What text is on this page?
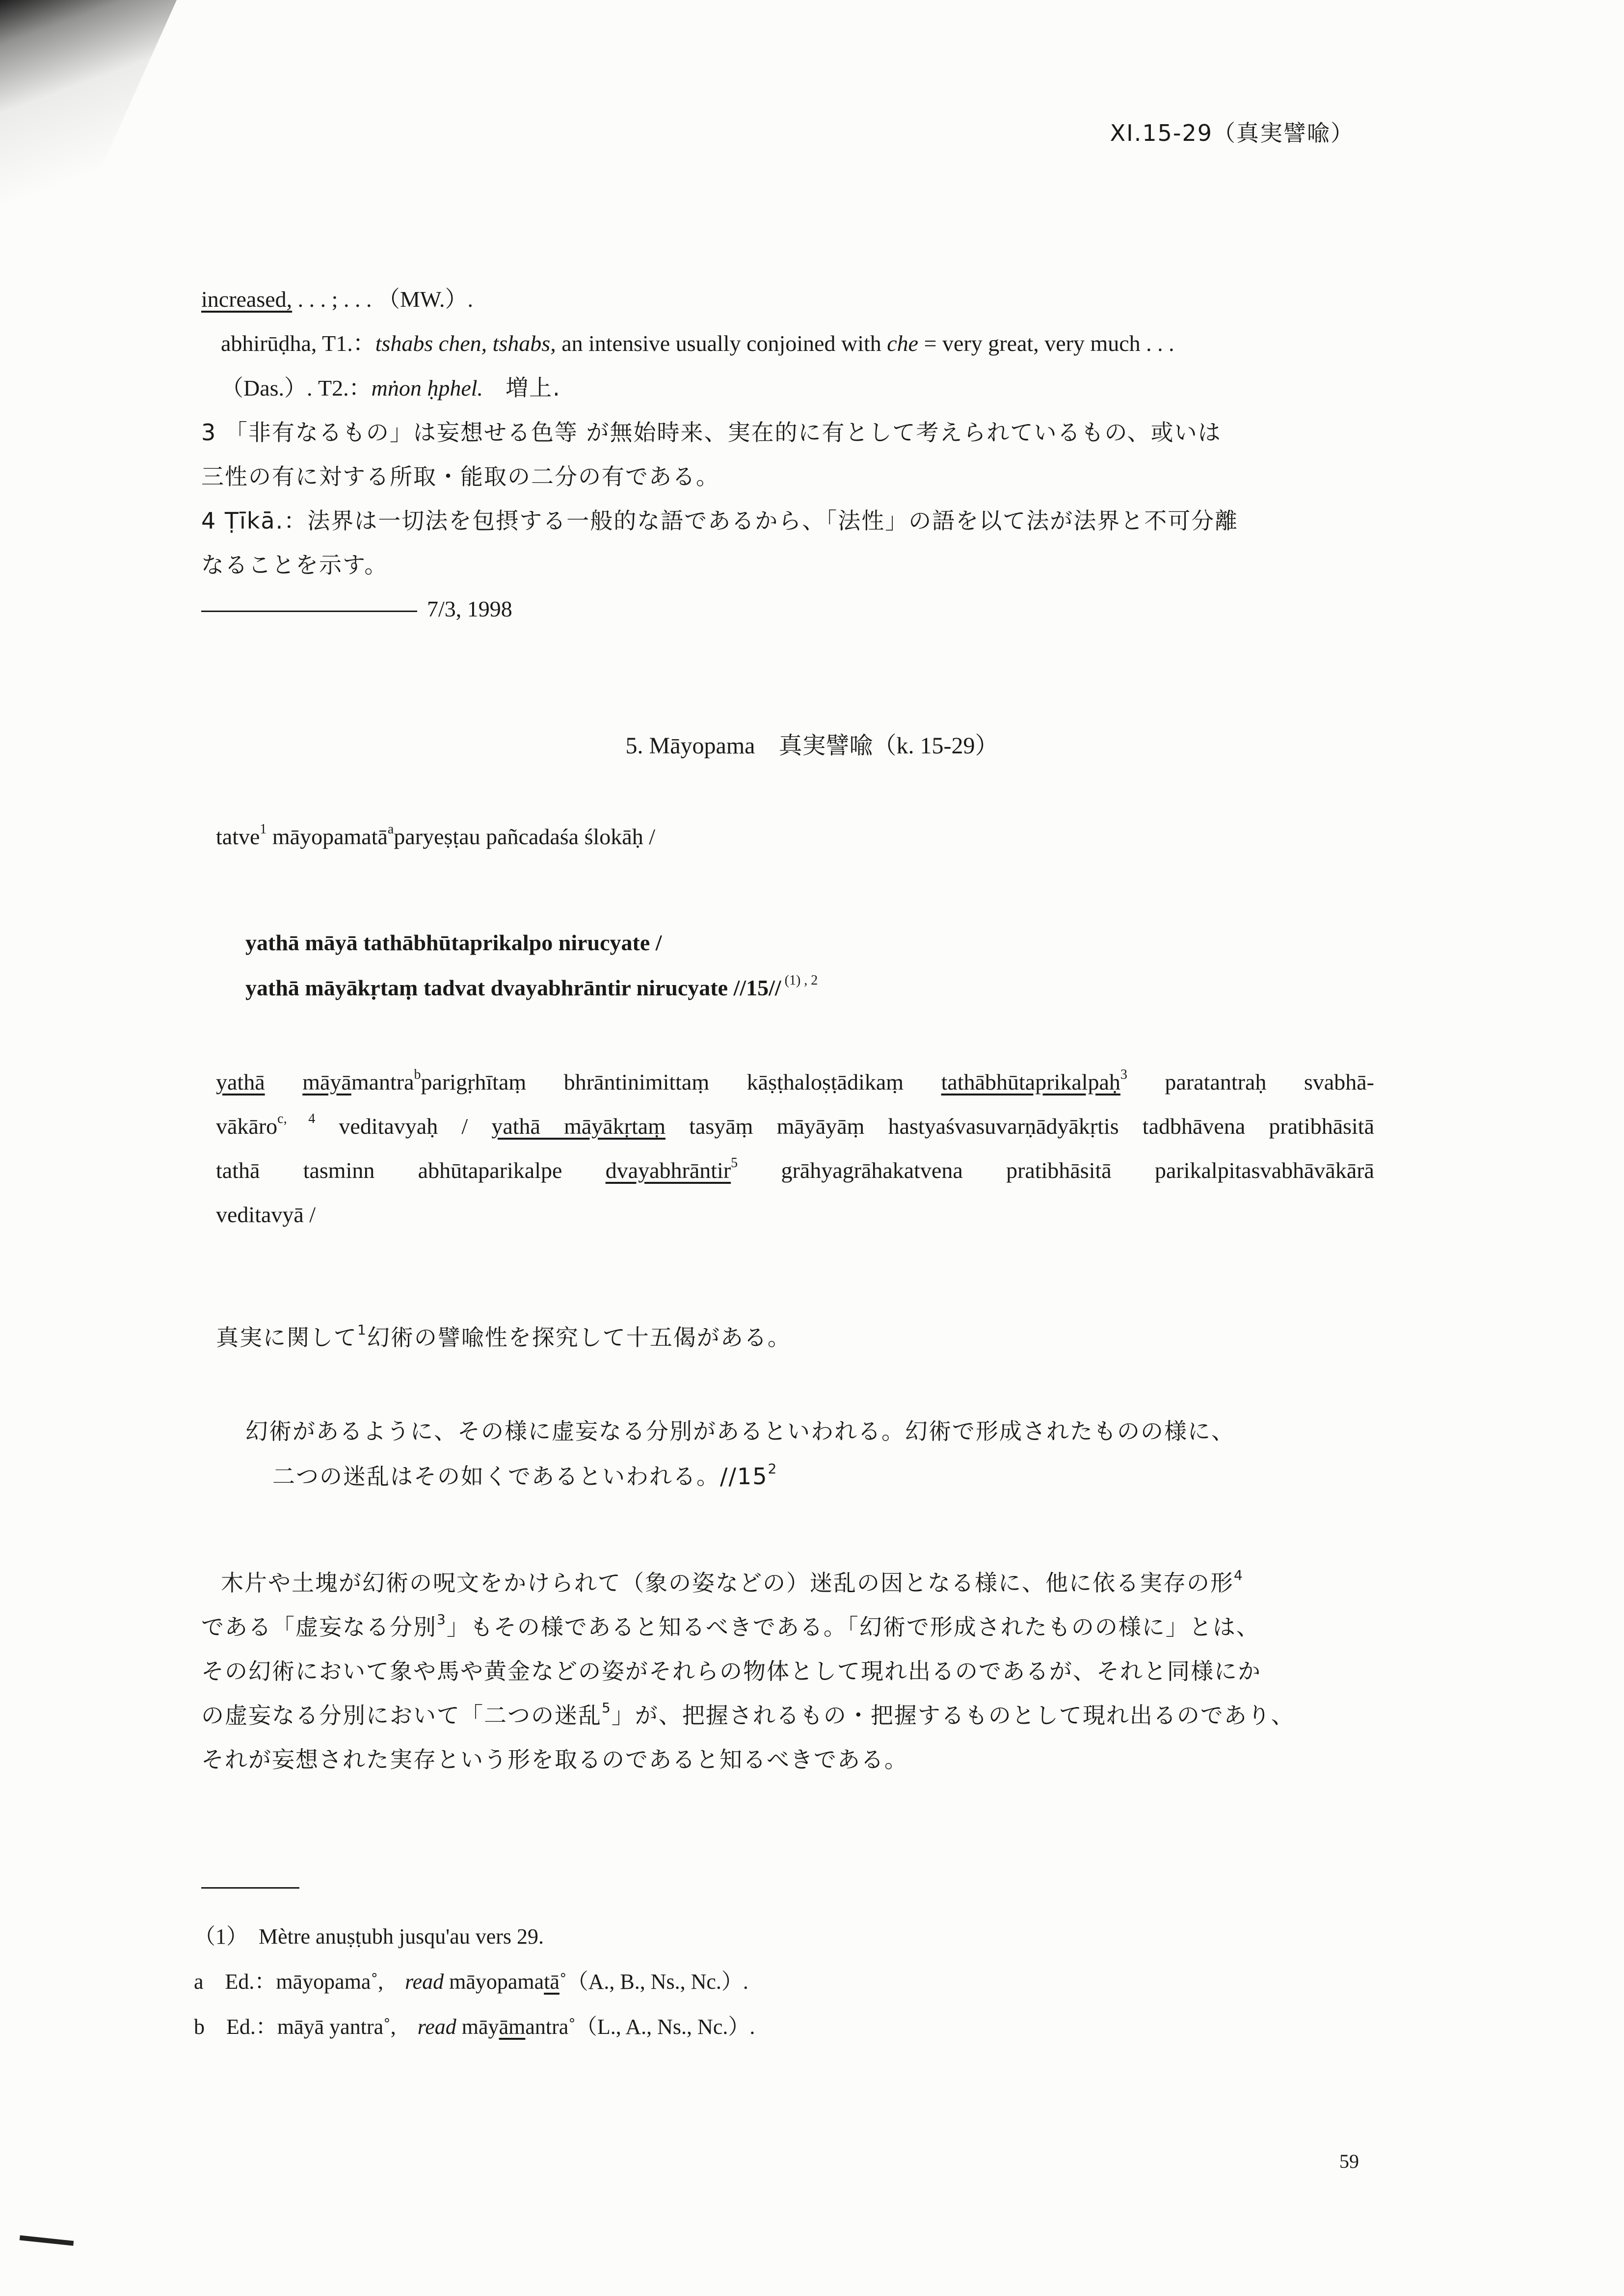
XI.15-29（真実譬喩）
increased, . . . ; . . . （MW.）.
abhirūḍha, T1.：tshabs chen, tshabs, an intensive usually conjoined with che = very great, very much . . .
（Das.）. T2.：mṅon ḥphel.　 増上.
3 「非有なるもの」は妄想せる色等 が無始時来、実在的に有として考えられているもの、或いは
三性の有に対する所取・能取の二分の有である。
4 Ṭīkā.：法界は一切法を包摂する一般的な語であるから、「法性」の語を以て法が法界と不可分離
なることを示す。
7/3, 1998
5. Māyopama　真実譬喩（k. 15-29）
tatve$^1$ māyopamatā$^a$paryeṣṭau pañcadaśa ślokāḥ /
yathā māyā tathābhūtaprikalpo nirucyate /
yathā māyākṛtaṃ tadvat dvayabhrāntir nirucyate //15// $^{(1) , 2}$
yathā māyāmantra$^b$parigṛhītaṃ bhrāntinimittaṃ kāṣṭhaloṣṭādikaṃ tathābhūtaprikalpaḥ$^3$ paratantraḥ svabhā-
vākāro$^{c, 4}$ veditavyaḥ / yathā māyākṛtaṃ tasyāṃ māyāyāṃ hastyaśvasuvarṇādyākṛtis tadbhāvena pratibhāsitā
tathā tasminn abhūtaparikalpe dvayabhrāntir$^5$ grāhyagrāhakatvena pratibhāsitā parikalpitasvabhāvākārā
veditavyā /
真実に関して$^1$幻術の譬喩性を探究して十五偈がある。
幻術があるように、その様に虚妄なる分別があるといわれる。幻術で形成されたものの様に、
二つの迷乱はその如くであるといわれる。$//15^2$
木片や土塊が幻術の呪文をかけられて（象の姿などの）迷乱の因となる様に、他に依る実存の形$^4$
である「虚妄なる分別$^3$」もその様であると知るべきである。「幻術で形成されたものの様に」とは、
その幻術において象や馬や黄金などの姿がそれらの物体として現れ出るのであるが、それと同様にか
の虚妄なる分別において「二つの迷乱$^5$」が、把握されるもの・把握するものとして現れ出るのであり、
それが妄想された実存という形を取るのであると知るべきである。
（1）　Mètre anuṣṭubh jusqu'au vers 29.
a　Ed.：māyopama˚,　read māyopamatā˚（A., B., Ns., Nc.）.
b　Ed.：māyā yantra˚,　read māyāmantra˚（L., A., Ns., Nc.）.
59
